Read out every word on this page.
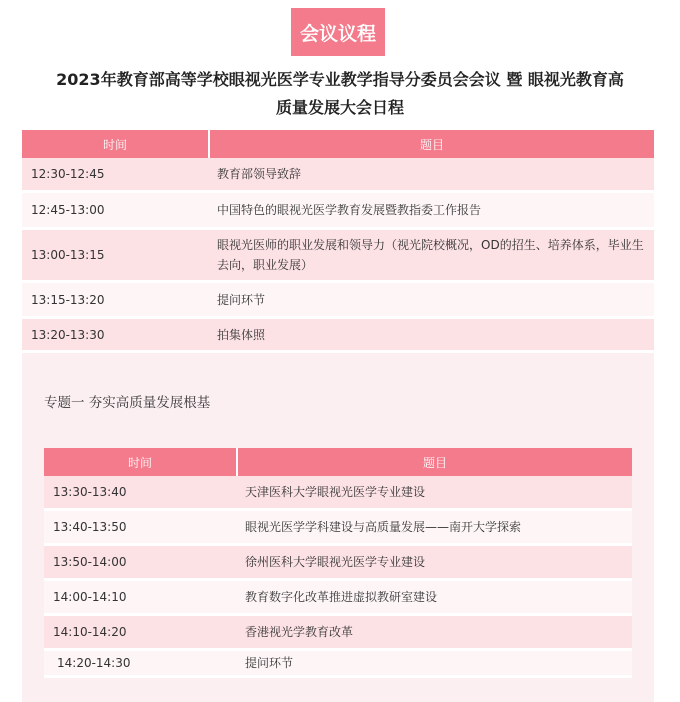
会议议程
2023年教育部高等学校眼视光医学专业教学指导分委员会会议 暨 眼视光教育高
质量发展大会日程
时间	题目
12:30-12:45	教育部领导致辞
12:45-13:00	中国特色的眼视光医学教育发展暨教指委工作报告
13:00-13:15	眼视光医师的职业发展和领导力（视光院校概况，OD的招生、培养体系，毕业生去向，职业发展）
13:15-13:20	提问环节
13:20-13:30	拍集体照
专题一 夯实高质量发展根基
时间	题目
13:30-13:40	天津医科大学眼视光医学专业建设
13:40-13:50	眼视光医学学科建设与高质量发展——南开大学探索
13:50-14:00	徐州医科大学眼视光医学专业建设
14:00-14:10	教育数字化改革推进虚拟教研室建设
14:10-14:20	香港视光学教育改革
14:20-14:30	提问环节
